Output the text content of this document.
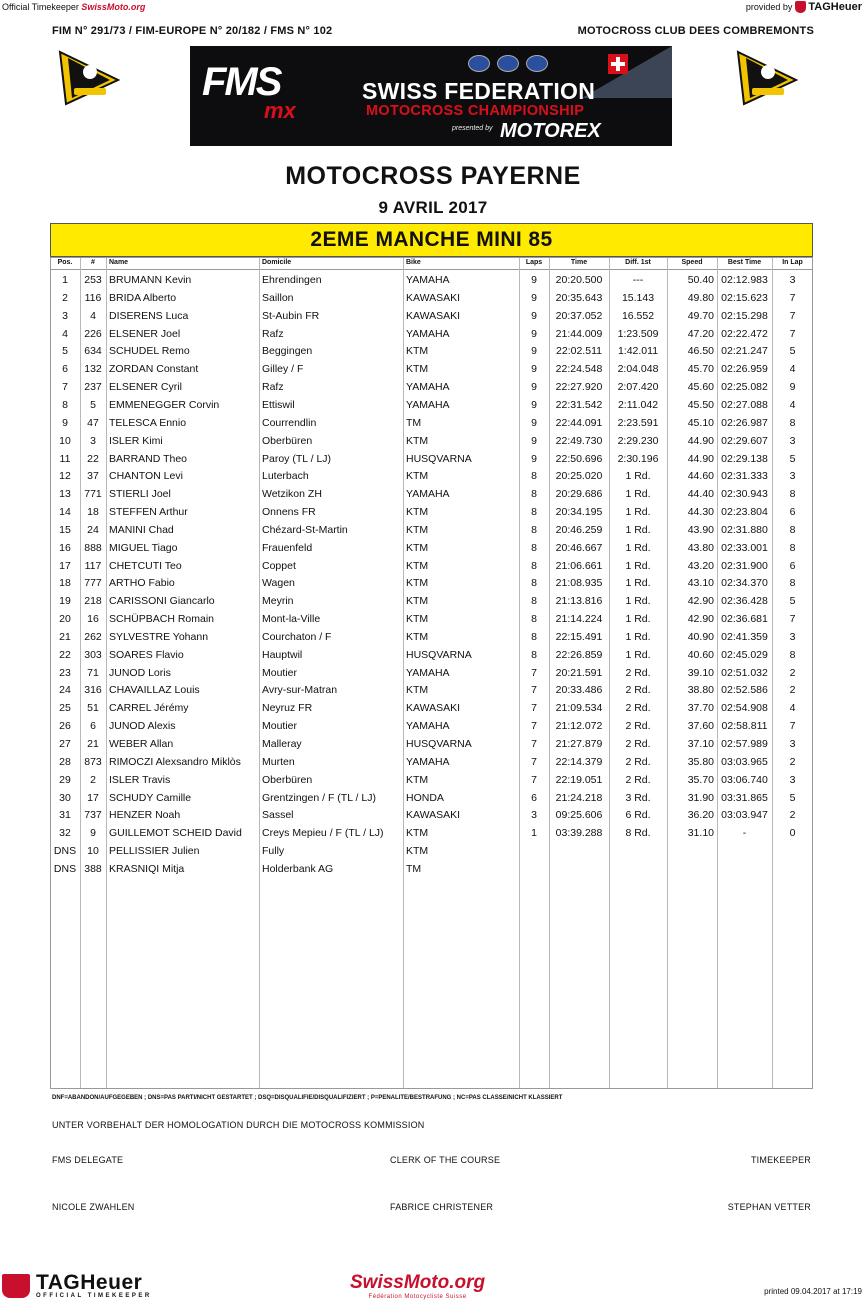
Official Timekeeper SwissMoto.org	provided by TAGHeuer
FIM N° 291/73 / FIM-EUROPE N° 20/182 / FMS N° 102	MOTOCROSS CLUB DEES COMBREMONTS
FMS
mx
SWISS FEDERATION
MOTOCROSS CHAMPIONSHIP
presented by MOTOREX
MOTOCROSS PAYERNE
9 AVRIL 2017
2EME MANCHE MINI 85
Pos.	#	Name	Domicile	Bike	Laps	Time	Diff. 1st	Speed	Best Time	In Lap
1	253	BRUMANN Kevin	Ehrendingen	YAMAHA	9	20:20.500	---	50.40	02:12.983	3
2	116	BRIDA Alberto	Saillon	KAWASAKI	9	20:35.643	15.143	49.80	02:15.623	7
3	4	DISERENS Luca	St-Aubin FR	KAWASAKI	9	20:37.052	16.552	49.70	02:15.298	7
4	226	ELSENER Joel	Rafz	YAMAHA	9	21:44.009	1:23.509	47.20	02:22.472	7
5	634	SCHUDEL Remo	Beggingen	KTM	9	22:02.511	1:42.011	46.50	02:21.247	5
6	132	ZORDAN Constant	Gilley / F	KTM	9	22:24.548	2:04.048	45.70	02:26.959	4
7	237	ELSENER Cyril	Rafz	YAMAHA	9	22:27.920	2:07.420	45.60	02:25.082	9
8	5	EMMENEGGER Corvin	Ettiswil	YAMAHA	9	22:31.542	2:11.042	45.50	02:27.088	4
9	47	TELESCA Ennio	Courrendlin	TM	9	22:44.091	2:23.591	45.10	02:26.987	8
10	3	ISLER Kimi	Oberbüren	KTM	9	22:49.730	2:29.230	44.90	02:29.607	3
11	22	BARRAND Theo	Paroy (TL / LJ)	HUSQVARNA	9	22:50.696	2:30.196	44.90	02:29.138	5
12	37	CHANTON Levi	Luterbach	KTM	8	20:25.020	1 Rd.	44.60	02:31.333	3
13	771	STIERLI Joel	Wetzikon ZH	YAMAHA	8	20:29.686	1 Rd.	44.40	02:30.943	8
14	18	STEFFEN Arthur	Onnens FR	KTM	8	20:34.195	1 Rd.	44.30	02:23.804	6
15	24	MANINI Chad	Chézard-St-Martin	KTM	8	20:46.259	1 Rd.	43.90	02:31.880	8
16	888	MIGUEL Tiago	Frauenfeld	KTM	8	20:46.667	1 Rd.	43.80	02:33.001	8
17	117	CHETCUTI Teo	Coppet	KTM	8	21:06.661	1 Rd.	43.20	02:31.900	6
18	777	ARTHO Fabio	Wagen	KTM	8	21:08.935	1 Rd.	43.10	02:34.370	8
19	218	CARISSONI Giancarlo	Meyrin	KTM	8	21:13.816	1 Rd.	42.90	02:36.428	5
20	16	SCHÜPBACH Romain	Mont-la-Ville	KTM	8	21:14.224	1 Rd.	42.90	02:36.681	7
21	262	SYLVESTRE Yohann	Courchaton / F	KTM	8	22:15.491	1 Rd.	40.90	02:41.359	3
22	303	SOARES Flavio	Hauptwil	HUSQVARNA	8	22:26.859	1 Rd.	40.60	02:45.029	8
23	71	JUNOD Loris	Moutier	YAMAHA	7	20:21.591	2 Rd.	39.10	02:51.032	2
24	316	CHAVAILLAZ Louis	Avry-sur-Matran	KTM	7	20:33.486	2 Rd.	38.80	02:52.586	2
25	51	CARREL Jérémy	Neyruz FR	KAWASAKI	7	21:09.534	2 Rd.	37.70	02:54.908	4
26	6	JUNOD Alexis	Moutier	YAMAHA	7	21:12.072	2 Rd.	37.60	02:58.811	7
27	21	WEBER Allan	Malleray	HUSQVARNA	7	21:27.879	2 Rd.	37.10	02:57.989	3
28	873	RIMOCZI Alexsandro Miklòs	Murten	YAMAHA	7	22:14.379	2 Rd.	35.80	03:03.965	2
29	2	ISLER Travis	Oberbüren	KTM	7	22:19.051	2 Rd.	35.70	03:06.740	3
30	17	SCHUDY Camille	Grentzingen / F (TL / LJ)	HONDA	6	21:24.218	3 Rd.	31.90	03:31.865	5
31	737	HENZER Noah	Sassel	KAWASAKI	3	09:25.606	6 Rd.	36.20	03:03.947	2
32	9	GUILLEMOT SCHEID David	Creys Mepieu / F (TL / LJ)	KTM	1	03:39.288	8 Rd.	31.10	-	0
DNS	10	PELLISSIER Julien	Fully	KTM						
DNS	388	KRASNIQI Mitja	Holderbank AG	TM						
DNF=ABANDON/AUFGEGEBEN ; DNS=PAS PARTI/NICHT GESTARTET ; DSQ=DISQUALIFIE/DISQUALIFIZIERT ; P=PENALITE/BESTRAFUNG ; NC=PAS CLASSE/NICHT KLASSIERT
UNTER VORBEHALT DER HOMOLOGATION DURCH DIE MOTOCROSS KOMMISSION
FMS DELEGATE	CLERK OF THE COURSE	TIMEKEEPER
NICOLE ZWAHLEN	FABRICE CHRISTENER	STEPHAN VETTER
TAGHeuer
OFFICIAL TIMEKEEPER
SwissMoto.org
Fédération Motocycliste Suisse
printed 09.04.2017 at 17:19
